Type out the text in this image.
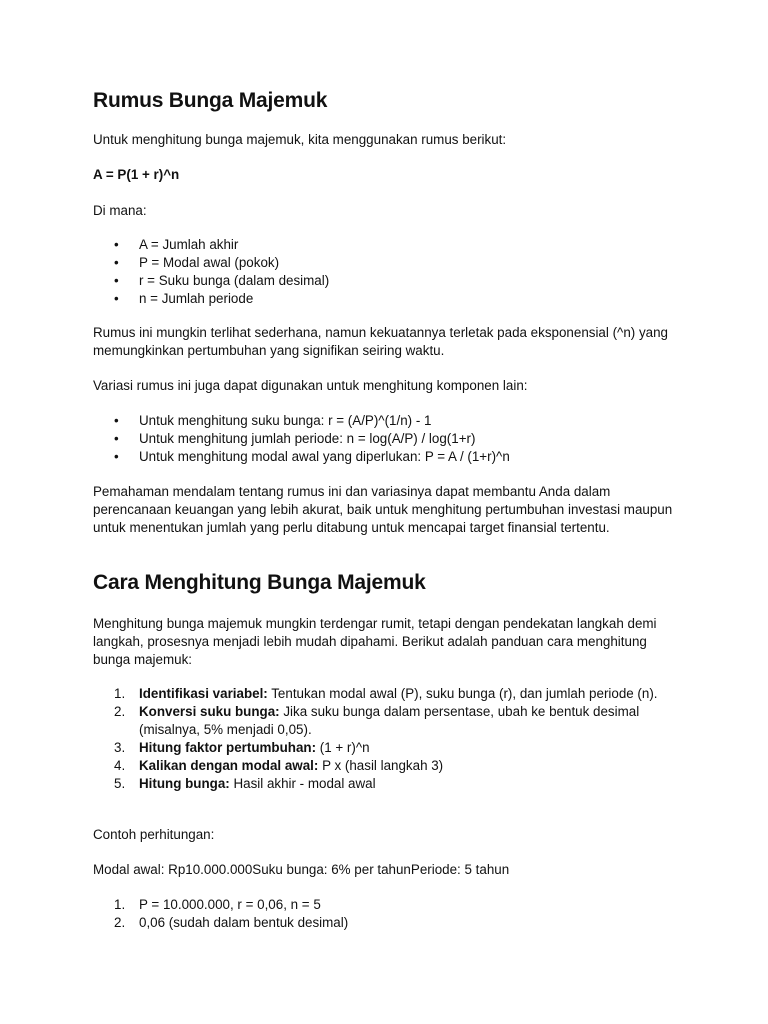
Rumus Bunga Majemuk
Untuk menghitung bunga majemuk, kita menggunakan rumus berikut:
A = P(1 + r)^n
Di mana:
• A = Jumlah akhir
• P = Modal awal (pokok)
• r = Suku bunga (dalam desimal)
• n = Jumlah periode
Rumus ini mungkin terlihat sederhana, namun kekuatannya terletak pada eksponensial (^n) yang memungkinkan pertumbuhan yang signifikan seiring waktu.
Variasi rumus ini juga dapat digunakan untuk menghitung komponen lain:
• Untuk menghitung suku bunga: r = (A/P)^(1/n) - 1
• Untuk menghitung jumlah periode: n = log(A/P) / log(1+r)
• Untuk menghitung modal awal yang diperlukan: P = A / (1+r)^n
Pemahaman mendalam tentang rumus ini dan variasinya dapat membantu Anda dalam perencanaan keuangan yang lebih akurat, baik untuk menghitung pertumbuhan investasi maupun untuk menentukan jumlah yang perlu ditabung untuk mencapai target finansial tertentu.
Cara Menghitung Bunga Majemuk
Menghitung bunga majemuk mungkin terdengar rumit, tetapi dengan pendekatan langkah demi langkah, prosesnya menjadi lebih mudah dipahami. Berikut adalah panduan cara menghitung bunga majemuk:
1. Identifikasi variabel: Tentukan modal awal (P), suku bunga (r), dan jumlah periode (n).
2. Konversi suku bunga: Jika suku bunga dalam persentase, ubah ke bentuk desimal (misalnya, 5% menjadi 0,05).
3. Hitung faktor pertumbuhan: (1 + r)^n
4. Kalikan dengan modal awal: P x (hasil langkah 3)
5. Hitung bunga: Hasil akhir - modal awal
Contoh perhitungan:
Modal awal: Rp10.000.000Suku bunga: 6% per tahunPeriode: 5 tahun
1. P = 10.000.000, r = 0,06, n = 5
2. 0,06 (sudah dalam bentuk desimal)
